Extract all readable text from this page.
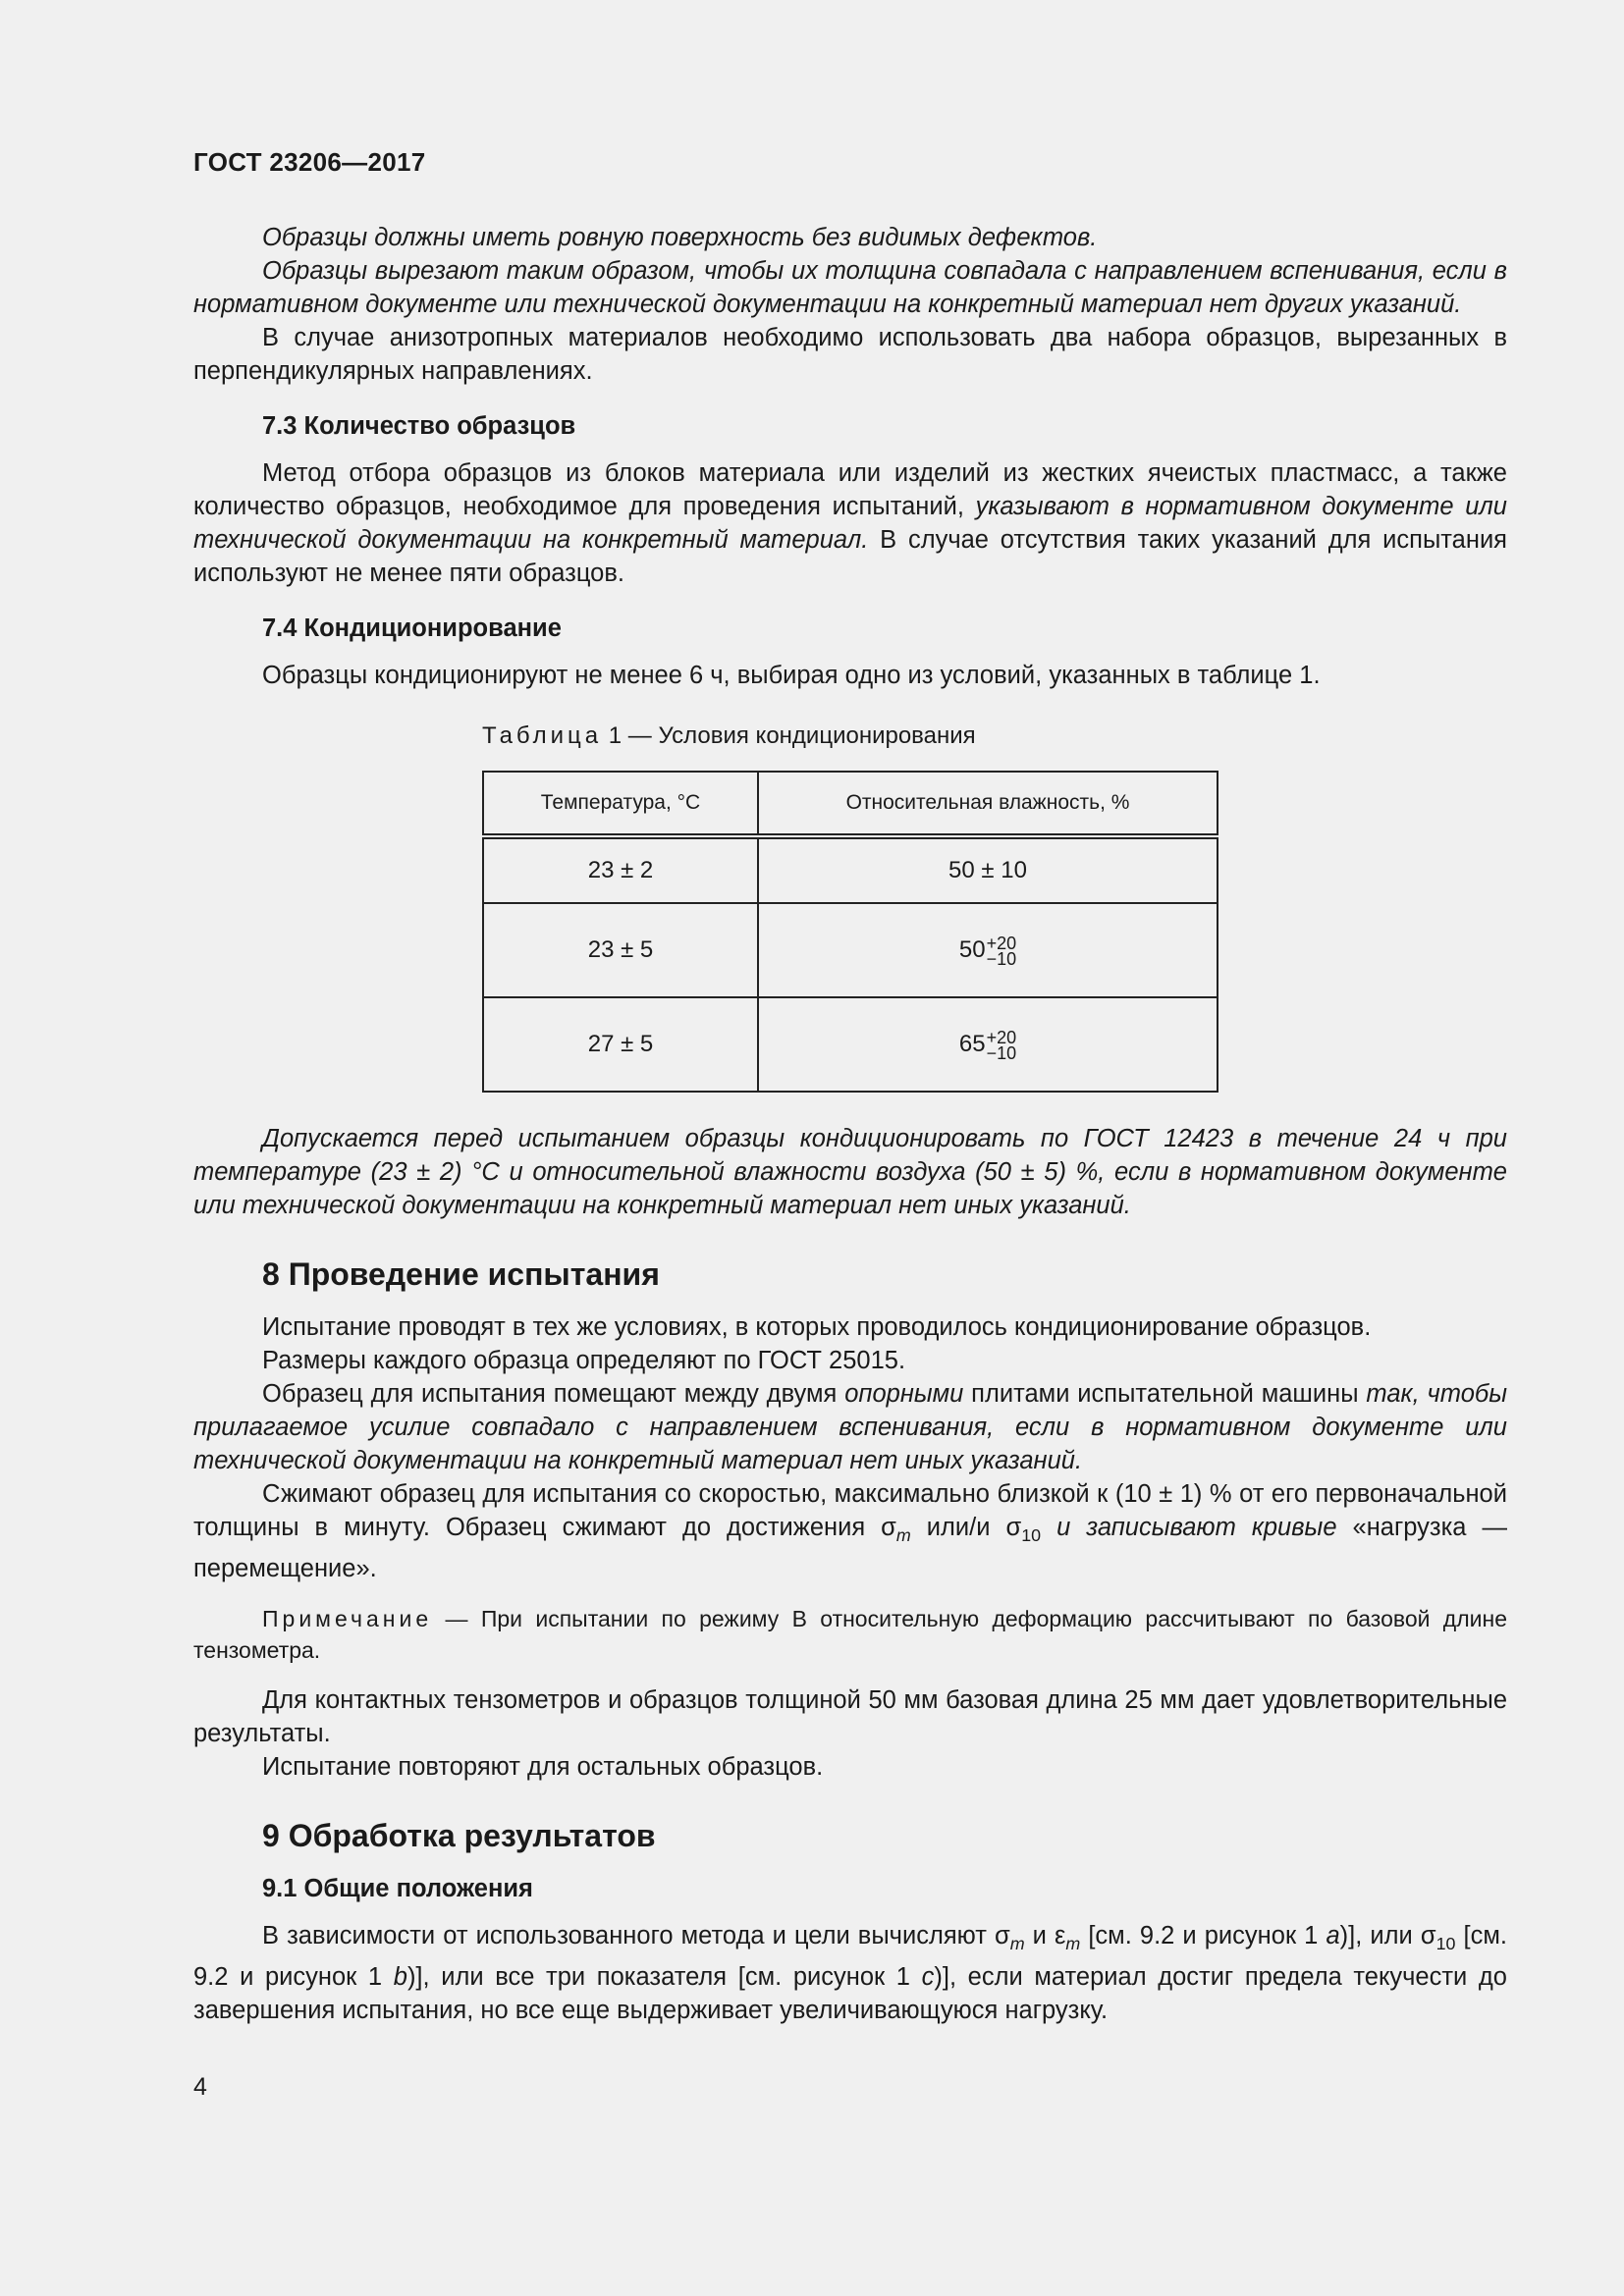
ГОСТ 23206—2017

Образцы должны иметь ровную поверхность без видимых дефектов.

Образцы вырезают таким образом, чтобы их толщина совпадала с направлением вспенивания, если в нормативном документе или технической документации на конкретный материал нет других указаний.

В случае анизотропных материалов необходимо использовать два набора образцов, вырезанных в перпендикулярных направлениях.

7.3 Количество образцов

Метод отбора образцов из блоков материала или изделий из жестких ячеистых пластмасс, а также количество образцов, необходимое для проведения испытаний, указывают в нормативном документе или технической документации на конкретный материал. В случае отсутствия таких указаний для испытания используют не менее пяти образцов.

7.4 Кондиционирование

Образцы кондиционируют не менее 6 ч, выбирая одно из условий, указанных в таблице 1.

Таблица 1 — Условия кондиционирования
Температура, °С	Относительная влажность, %
23 ± 2	50 ± 10
23 ± 5	50 +20
−10

27 ± 5	65 +20
−10

Допускается перед испытанием образцы кондиционировать по ГОСТ 12423 в течение 24 ч при температуре (23 ± 2) °С и относительной влажности воздуха (50 ± 5) %, если в нормативном документе или технической документации на конкретный материал нет иных указаний.

8 Проведение испытания

Испытание проводят в тех же условиях, в которых проводилось кондиционирование образцов.

Размеры каждого образца определяют по ГОСТ 25015.

Образец для испытания помещают между двумя опорными плитами испытательной машины так, чтобы прилагаемое усилие совпадало с направлением вспенивания, если в нормативном документе или технической документации на конкретный материал нет иных указаний.

Сжимают образец для испытания со скоростью, максимально близкой к (10 ± 1) % от его первоначальной толщины в минуту. Образец сжимают до достижения $\sigma_m$ или/и $\sigma_{10}$ и записывают кривые «нагрузка — перемещение».

Примечание — При испытании по режиму В относительную деформацию рассчитывают по базовой длине тензометра.

Для контактных тензометров и образцов толщиной 50 мм базовая длина 25 мм дает удовлетворительные результаты.

Испытание повторяют для остальных образцов.

9 Обработка результатов
9.1 Общие положения

В зависимости от использованного метода и цели вычисляют $\sigma_m$ и $\varepsilon_m$ [см. 9.2 и рисунок 1 a)], или $\sigma_{10}$ [см. 9.2 и рисунок 1 b)], или все три показателя [см. рисунок 1 c)], если материал достиг предела текучести до завершения испытания, но все еще выдерживает увеличивающуюся нагрузку.

4
